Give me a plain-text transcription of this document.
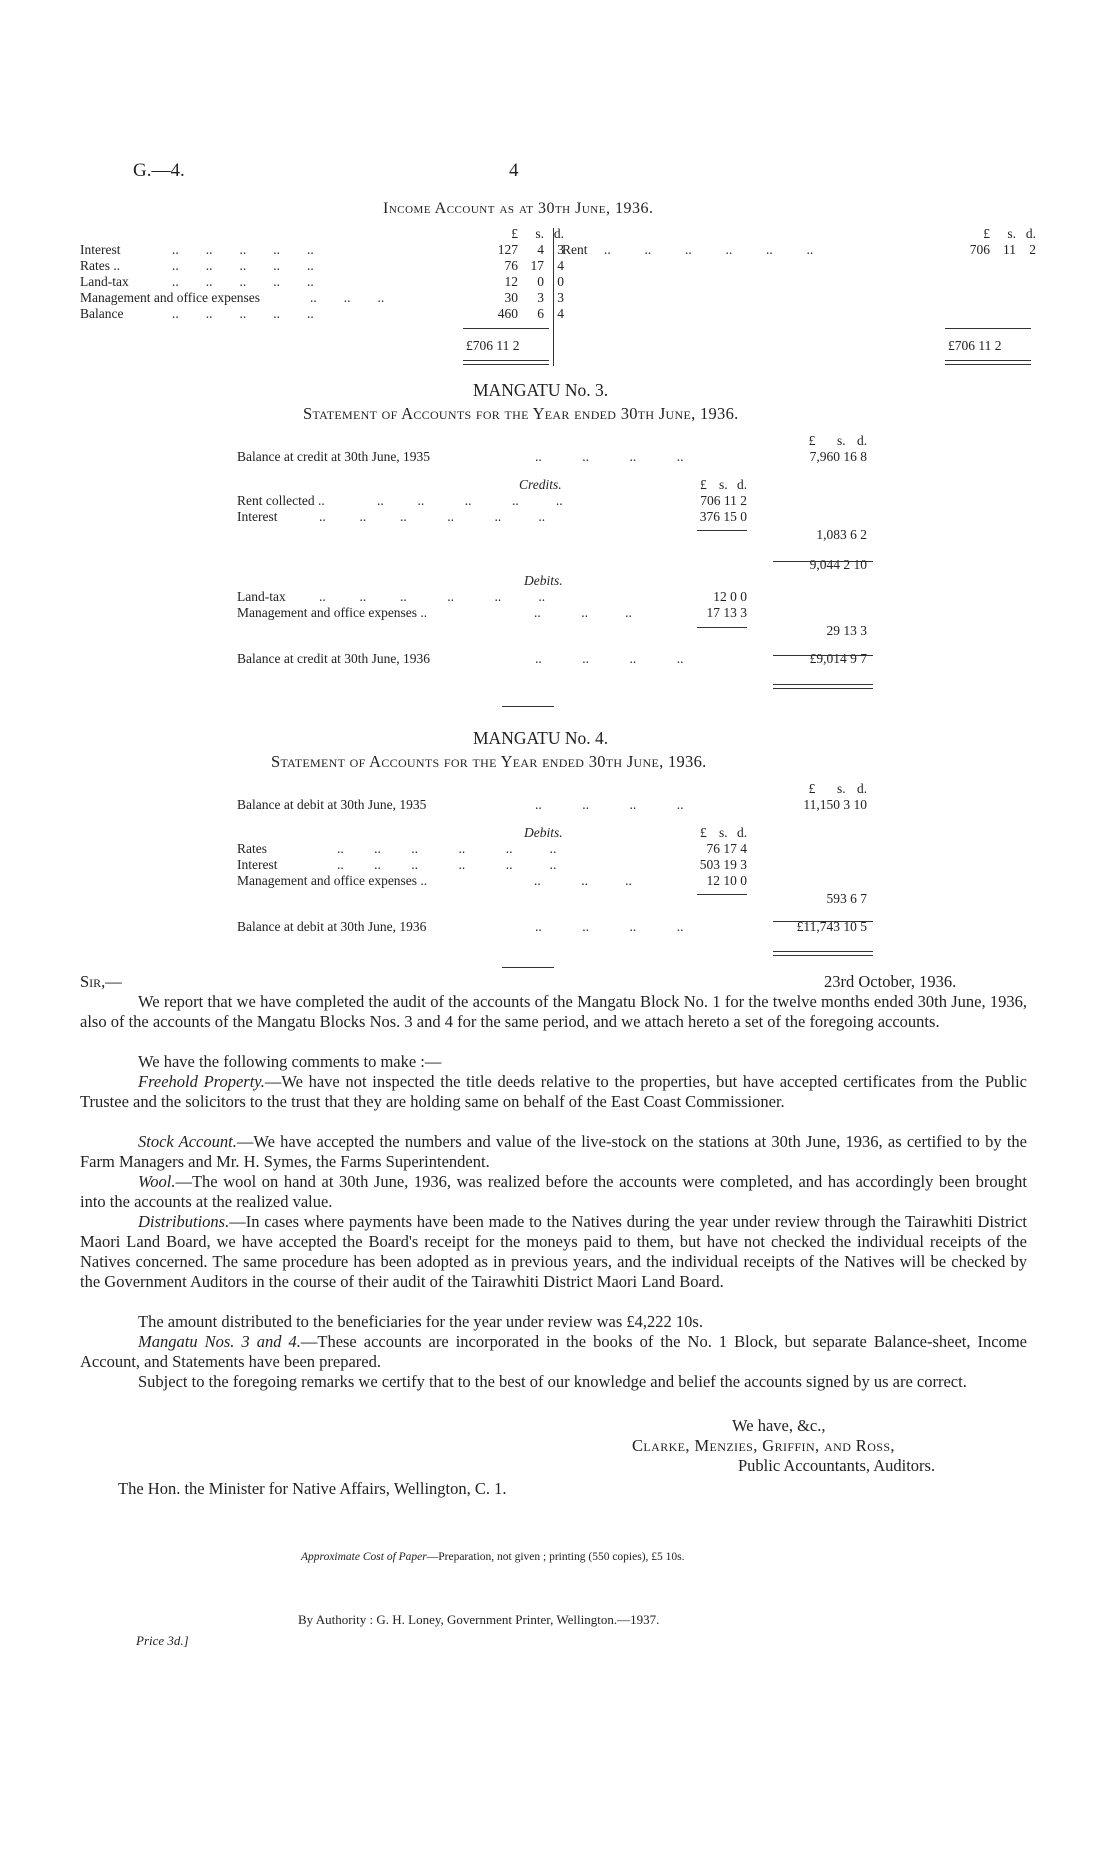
G.—4.	4
Income Account as at 30th June, 1936.
£	s. d.
Interest	..        ..        ..        ..        ..	127	4 3
Rates ..	..        ..        ..        ..        ..	76 17 4
Land-tax	..        ..        ..        ..        ..	12	0 0
Management and office expenses	..        ..        ..	30	3 3
Balance	..        ..        ..        ..        ..	460	6 4
£706 11 2
£	s. d.
Rent ..          ..          ..          ..          ..          ..	706 11 2
£706 11 2
MANGATU No. 3.
Statement of Accounts for the Year ended 30th June, 1936.
£	s. d.
Balance at credit at 30th June, 1935	..            ..            ..            ..	7,960 16 8
Credits.	£ s. d.
Rent collected ..	..          ..            ..            ..           ..	706 11 2
Interest	..          ..          ..            ..            ..           ..	376 15 0
1,083 6 2
9,044 2 10
Debits.
Land-tax ..          ..          ..            ..            ..           ..	12 0 0
Management and office expenses ..	..            ..           ..	17 13 3
29 13 3
Balance at credit at 30th June, 1936	..            ..            ..            ..	£9,014 9 7
MANGATU No. 4.
Statement of Accounts for the Year ended 30th June, 1936.
£	s. d.
Balance at debit at 30th June, 1935	..            ..            ..            ..	11,150 3 10
Debits.	£ s. d.
Rates	..         ..         ..            ..            ..           ..	76 17 4
Interest	..         ..         ..            ..            ..           ..	503 19 3
Management and office expenses ..	..            ..           ..	12 10 0
593 6 7
Balance at debit at 30th June, 1936	..            ..            ..            ..	£11,743 10 5
Sir,—	23rd October, 1936.
We report that we have completed the audit of the accounts of the Mangatu Block No. 1 for the twelve months ended 30th June, 1936, also of the accounts of the Mangatu Blocks Nos. 3 and 4 for the same period, and we attach hereto a set of the foregoing accounts.
We have the following comments to make :—
Freehold Property.—We have not inspected the title deeds relative to the properties, but have accepted certificates from the Public Trustee and the solicitors to the trust that they are holding same on behalf of the East Coast Commissioner.
Stock Account.—We have accepted the numbers and value of the live-stock on the stations at 30th June, 1936, as certified to by the Farm Managers and Mr. H. Symes, the Farms Superintendent.
Wool.—The wool on hand at 30th June, 1936, was realized before the accounts were completed, and has accordingly been brought into the accounts at the realized value.
Distributions.—In cases where payments have been made to the Natives during the year under review through the Tairawhiti District Maori Land Board, we have accepted the Board's receipt for the moneys paid to them, but have not checked the individual receipts of the Natives concerned. The same procedure has been adopted as in previous years, and the individual receipts of the Natives will be checked by the Government Auditors in the course of their audit of the Tairawhiti District Maori Land Board.
The amount distributed to the beneficiaries for the year under review was £4,222 10s.
Mangatu Nos. 3 and 4.—These accounts are incorporated in the books of the No. 1 Block, but separate Balance-sheet, Income Account, and Statements have been prepared.
Subject to the foregoing remarks we certify that to the best of our knowledge and belief the accounts signed by us are correct.
We have, &c.,
Clarke, Menzies, Griffin, and Ross,
Public Accountants, Auditors.
The Hon. the Minister for Native Affairs, Wellington, C. 1.
Approximate Cost of Paper—Preparation, not given ; printing (550 copies), £5 10s.
By Authority : G. H. Loney, Government Printer, Wellington.—1937.
Price 3d.]
